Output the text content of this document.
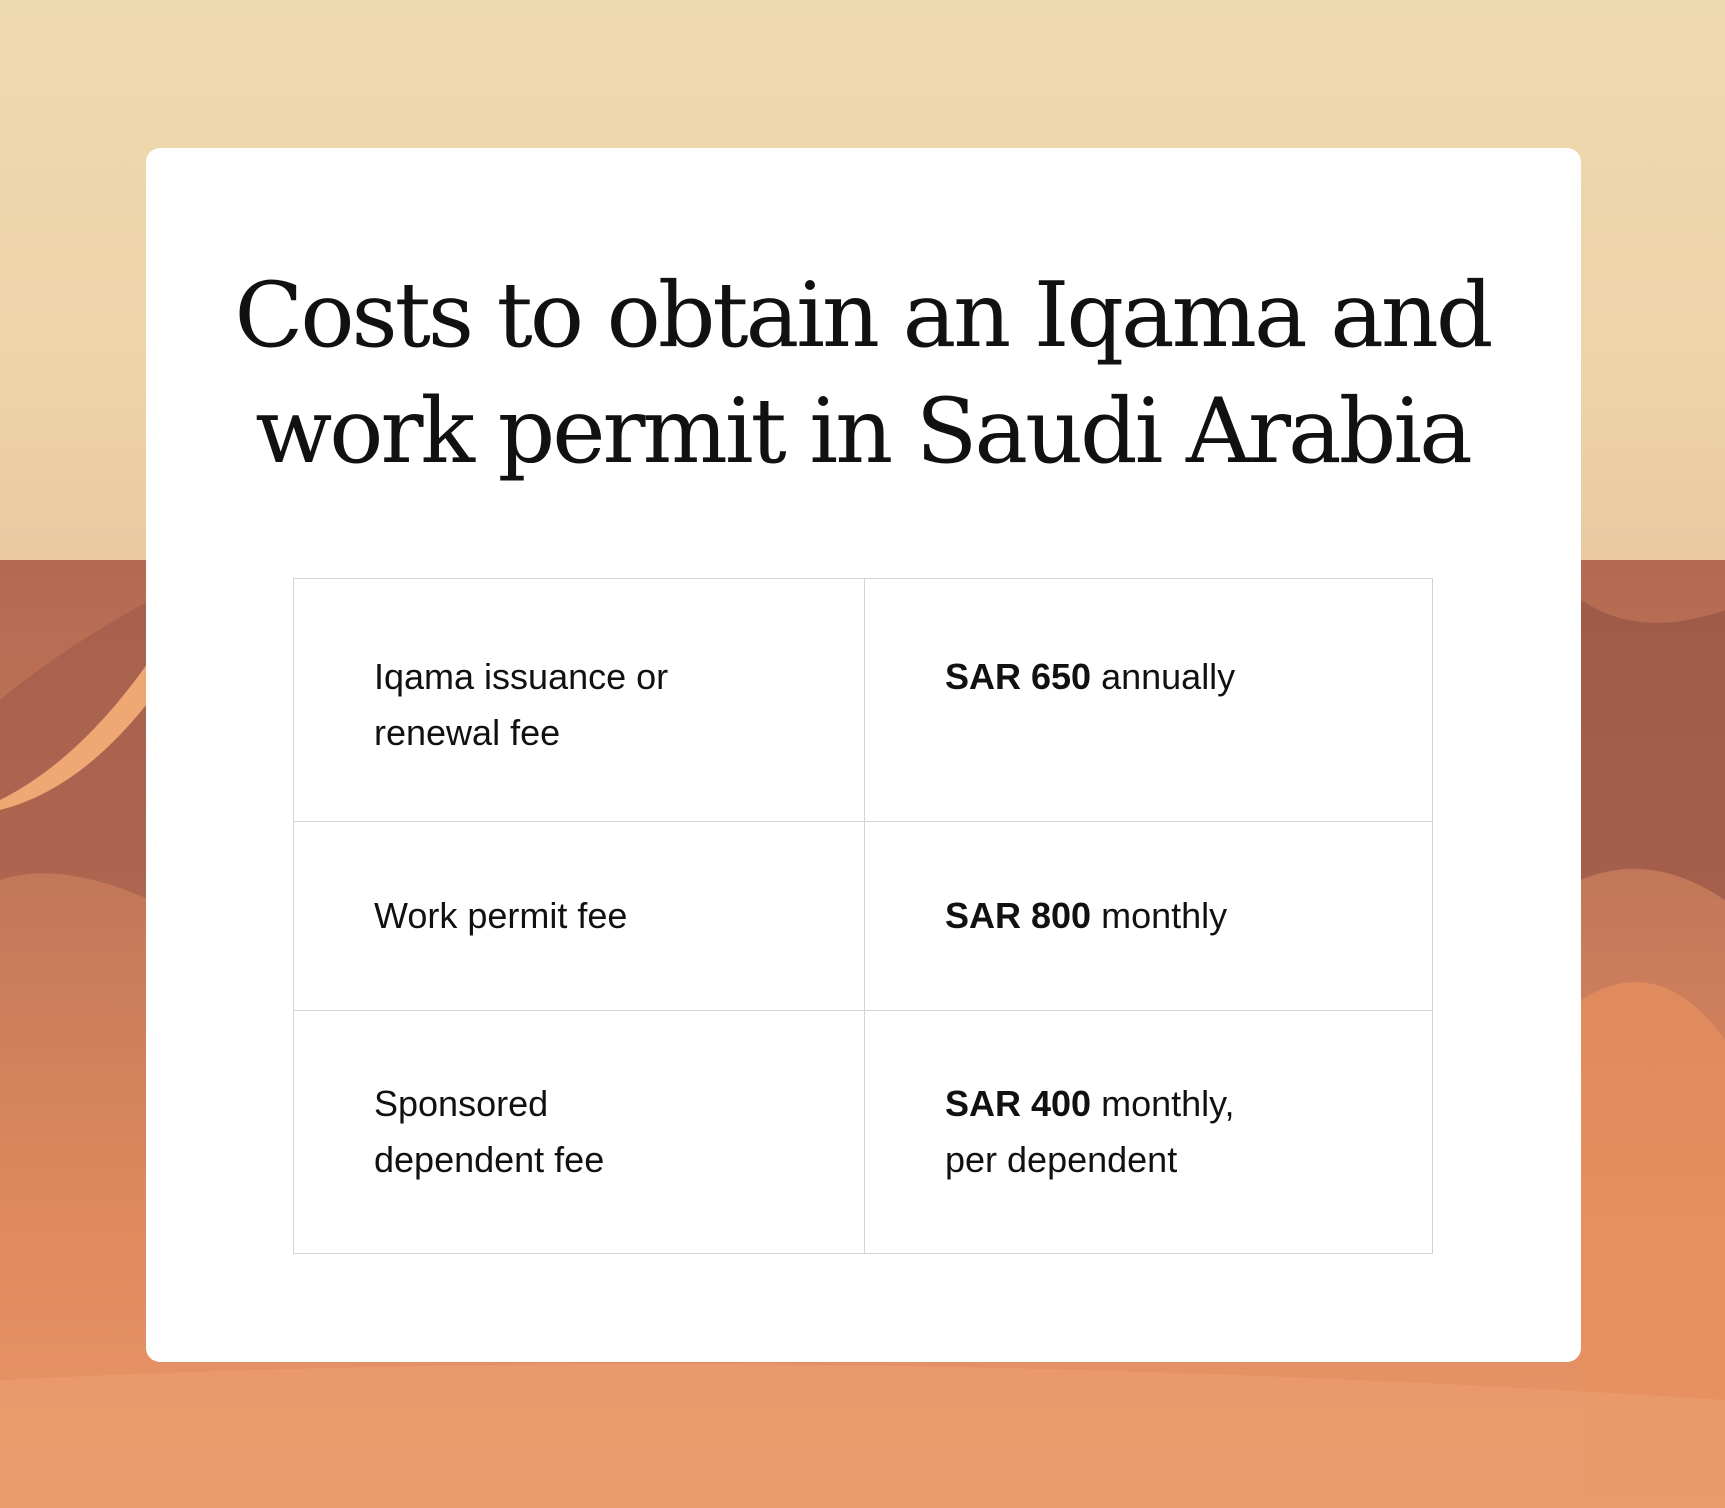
Costs to obtain an Iqama and
work permit in Saudi Arabia
Iqama issuance or
renewal fee	SAR 650 annually
Work permit fee	SAR 800 monthly
Sponsored
dependent fee	SAR 400 monthly,
per dependent
